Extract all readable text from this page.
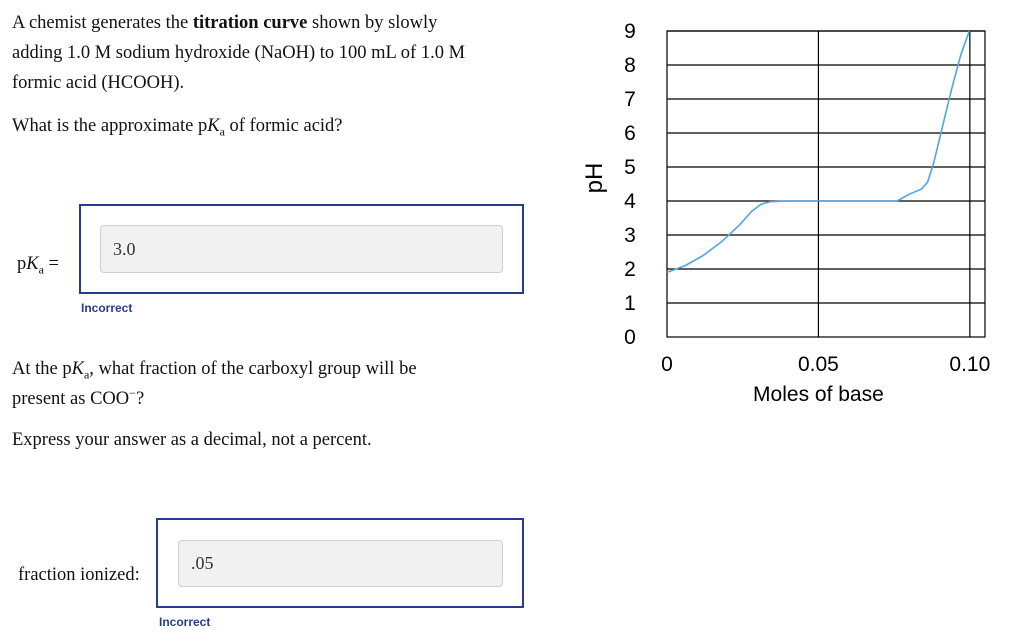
A chemist generates the titration curve shown by slowly
adding 1.0 M sodium hydroxide (NaOH) to 100 mL of 1.0 M
formic acid (HCOOH).

What is the approximate $pK_a$ of formic acid?

$pK_a$ =
3.0
Incorrect

At the $pK_a$, what fraction of the carboxyl group will be
present as COO−?

Express your answer as a decimal, not a percent.

fraction ionized:
.05
Incorrect
0
1
2
3
4
5
6
7
8
9
0	0.05	0.10
pH
Moles of base
